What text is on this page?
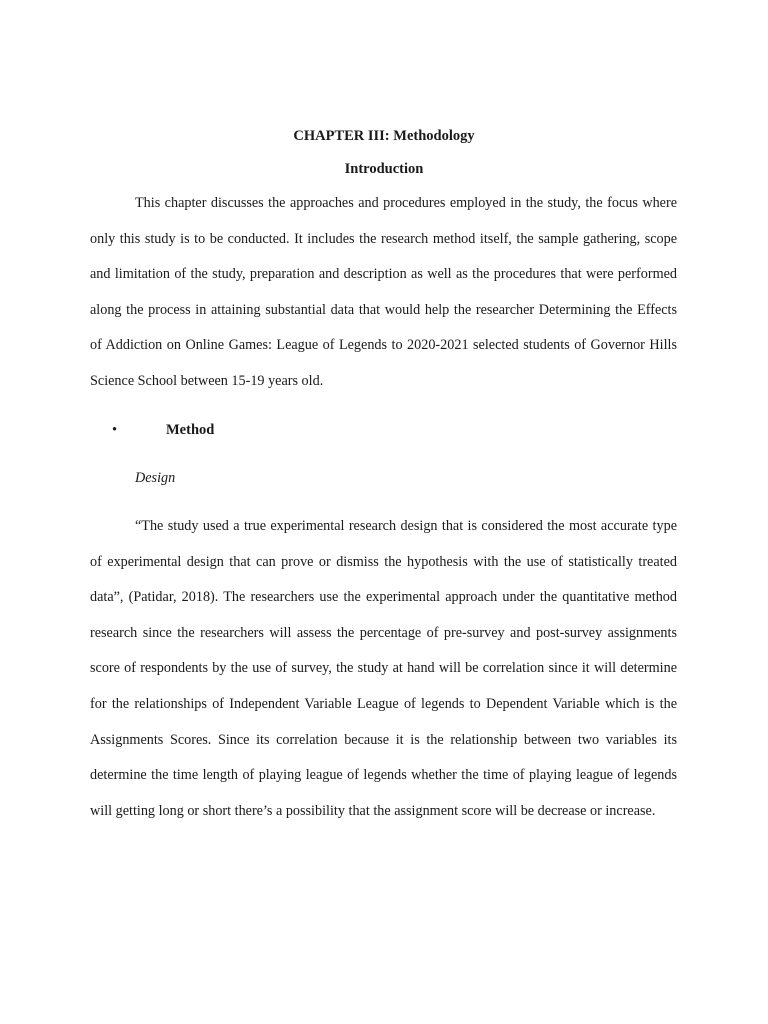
CHAPTER III: Methodology
Introduction

This chapter discusses the approaches and procedures employed in the study, the focus where only this study is to be conducted. It includes the research method itself, the sample gathering, scope and limitation of the study, preparation and description as well as the procedures that were performed along the process in attaining substantial data that would help the researcher Determining the Effects of Addiction on Online Games: League of Legends to 2020-2021 selected students of Governor Hills Science School between 15-19 years old.

•	Method
Design

“The study used a true experimental research design that is considered the most accurate type of experimental design that can prove or dismiss the hypothesis with the use of statistically treated data”, (Patidar, 2018). The researchers use the experimental approach under the quantitative method research since the researchers will assess the percentage of pre-survey and post-survey assignments score of respondents by the use of survey, the study at hand will be correlation since it will determine for the relationships of Independent Variable League of legends to Dependent Variable which is the Assignments Scores. Since its correlation because it is the relationship between two variables its determine the time length of playing league of legends whether the time of playing league of legends will getting long or short there’s a possibility that the assignment score will be decrease or increase.
